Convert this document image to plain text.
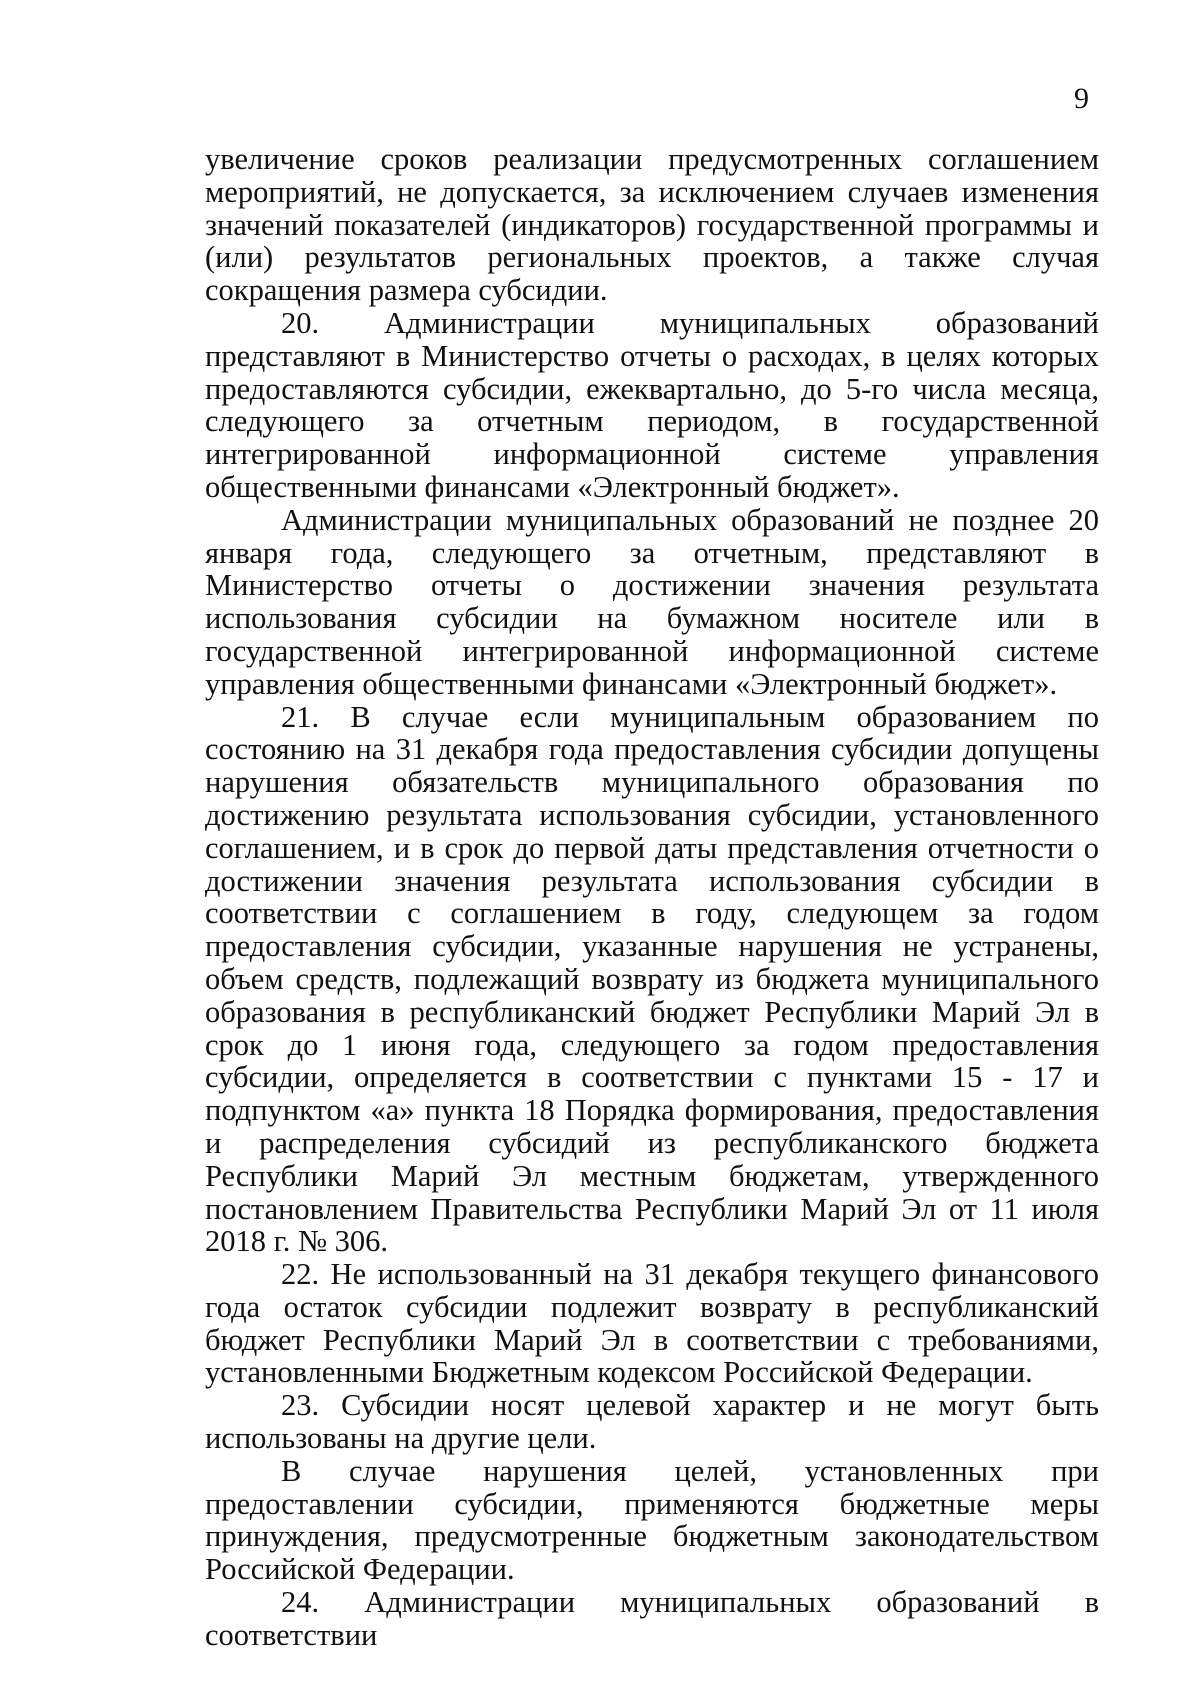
9

увеличение сроков реализации предусмотренных соглашением мероприятий, не допускается, за исключением случаев изменения значений показателей (индикаторов) государственной программы и (или) результатов региональных проектов, а также случая сокращения размера субсидии.

20. Администрации муниципальных образований представляют в Министерство отчеты о расходах, в целях которых предоставляются субсидии, ежеквартально, до 5-го числа месяца, следующего за отчетным периодом, в государственной интегрированной информационной системе управления общественными финансами «Электронный бюджет».

Администрации муниципальных образований не позднее 20 января года, следующего за отчетным, представляют в Министерство отчеты о достижении значения результата использования субсидии на бумажном носителе или в государственной интегрированной информационной системе управления общественными финансами «Электронный бюджет».

21. В случае если муниципальным образованием по состоянию на 31 декабря года предоставления субсидии допущены нарушения обязательств муниципального образования по достижению результата использования субсидии, установленного соглашением, и в срок до первой даты представления отчетности о достижении значения результата использования субсидии в соответствии с соглашением в году, следующем за годом предоставления субсидии, указанные нарушения не устранены, объем средств, подлежащий возврату из бюджета муниципального образования в республиканский бюджет Республики Марий Эл в срок до 1 июня года, следующего за годом предоставления субсидии, определяется в соответствии с пунктами 15 - 17 и подпунктом «а» пункта 18 Порядка формирования, предоставления и распределения субсидий из республиканского бюджета Республики Марий Эл местным бюджетам, утвержденного постановлением Правительства Республики Марий Эл от 11 июля 2018 г. № 306.

22. Не использованный на 31 декабря текущего финансового года остаток субсидии подлежит возврату в республиканский бюджет Республики Марий Эл в соответствии с требованиями, установленными Бюджетным кодексом Российской Федерации.

23. Субсидии носят целевой характер и не могут быть использованы на другие цели.

В случае нарушения целей, установленных при предоставлении субсидии, применяются бюджетные меры принуждения, предусмотренные бюджетным законодательством Российской Федерации.

24. Администрации муниципальных образований в соответствии
